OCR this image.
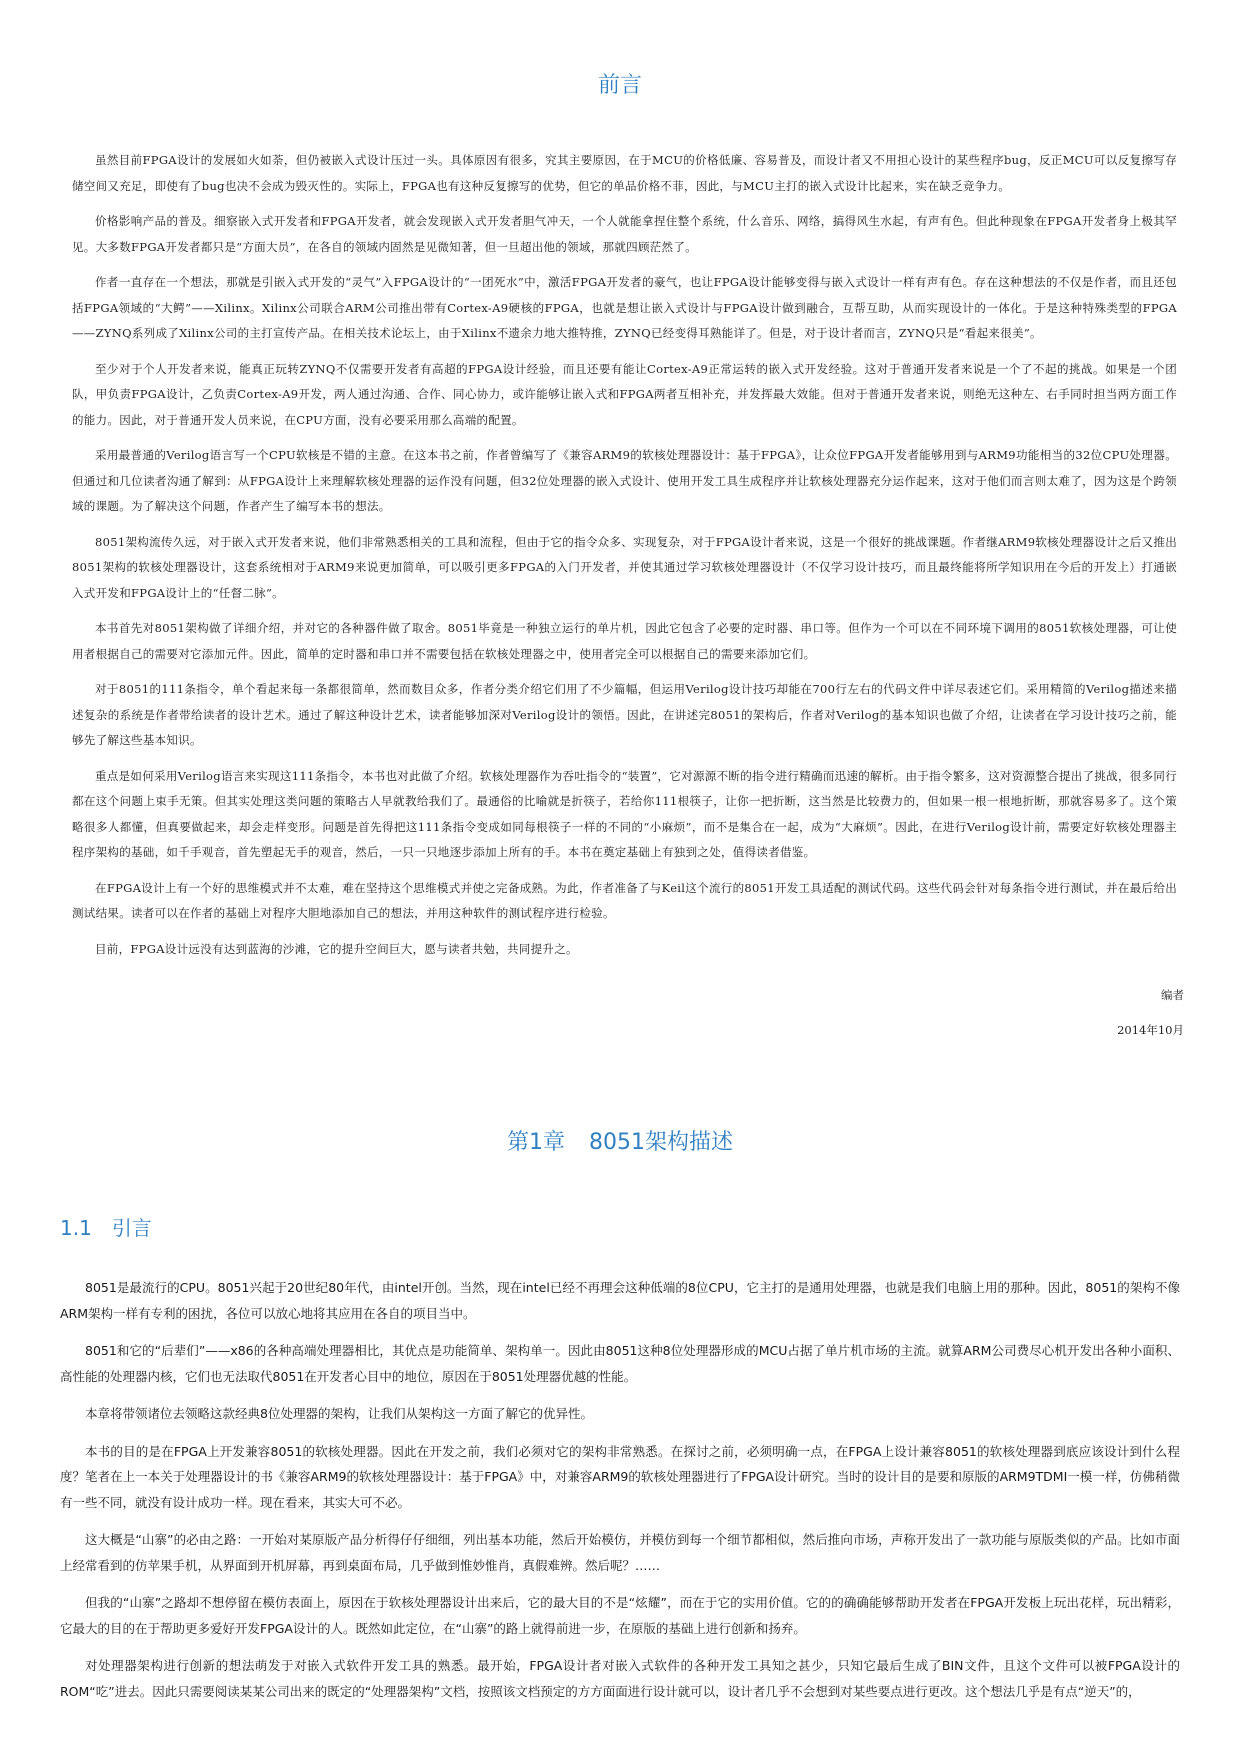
前言

虽然目前FPGA设计的发展如火如荼，但仍被嵌入式设计压过一头。具体原因有很多，究其主要原因，在于MCU的价格低廉、容易普及，而设计者又不用担心设计的某些程序bug，反正MCU可以反复擦写存储空间又充足，即使有了bug也决不会成为毁灭性的。实际上，FPGA也有这种反复擦写的优势，但它的单品价格不菲，因此，与MCU主打的嵌入式设计比起来，实在缺乏竞争力。

价格影响产品的普及。细察嵌入式开发者和FPGA开发者，就会发现嵌入式开发者胆气冲天，一个人就能拿捏住整个系统，什么音乐、网络，搞得风生水起，有声有色。但此种现象在FPGA开发者身上极其罕见。大多数FPGA开发者都只是“方面大员”，在各自的领域内固然是见微知著，但一旦超出他的领域，那就四顾茫然了。

作者一直存在一个想法，那就是引嵌入式开发的“灵气”入FPGA设计的“一团死水”中，激活FPGA开发者的豪气，也让FPGA设计能够变得与嵌入式设计一样有声有色。存在这种想法的不仅是作者，而且还包括FPGA领域的“大鳄”——Xilinx。Xilinx公司联合ARM公司推出带有Cortex-A9硬核的FPGA，也就是想让嵌入式设计与FPGA设计做到融合，互帮互助，从而实现设计的一体化。于是这种特殊类型的FPGA——ZYNQ系列成了Xilinx公司的主打宣传产品。在相关技术论坛上，由于Xilinx不遗余力地大推特推，ZYNQ已经变得耳熟能详了。但是，对于设计者而言，ZYNQ只是“看起来很美”。

至少对于个人开发者来说，能真正玩转ZYNQ不仅需要开发者有高超的FPGA设计经验，而且还要有能让Cortex-A9正常运转的嵌入式开发经验。这对于普通开发者来说是一个了不起的挑战。如果是一个团队，甲负责FPGA设计，乙负责Cortex-A9开发，两人通过沟通、合作、同心协力，或许能够让嵌入式和FPGA两者互相补充，并发挥最大效能。但对于普通开发者来说，则绝无这种左、右手同时担当两方面工作的能力。因此，对于普通开发人员来说，在CPU方面，没有必要采用那么高端的配置。

采用最普通的Verilog语言写一个CPU软核是不错的主意。在这本书之前，作者曾编写了《兼容ARM9的软核处理器设计：基于FPGA》，让众位FPGA开发者能够用到与ARM9功能相当的32位CPU处理器。但通过和几位读者沟通了解到：从FPGA设计上来理解软核处理器的运作没有问题，但32位处理器的嵌入式设计、使用开发工具生成程序并让软核处理器充分运作起来，这对于他们而言则太难了，因为这是个跨领域的课题。为了解决这个问题，作者产生了编写本书的想法。

8051架构流传久远，对于嵌入式开发者来说，他们非常熟悉相关的工具和流程，但由于它的指令众多、实现复杂，对于FPGA设计者来说，这是一个很好的挑战课题。作者继ARM9软核处理器设计之后又推出8051架构的软核处理器设计，这套系统相对于ARM9来说更加简单，可以吸引更多FPGA的入门开发者，并使其通过学习软核处理器设计（不仅学习设计技巧，而且最终能将所学知识用在今后的开发上）打通嵌入式开发和FPGA设计上的“任督二脉”。

本书首先对8051架构做了详细介绍，并对它的各种器件做了取舍。8051毕竟是一种独立运行的单片机，因此它包含了必要的定时器、串口等。但作为一个可以在不同环境下调用的8051软核处理器，可让使用者根据自己的需要对它添加元件。因此，简单的定时器和串口并不需要包括在软核处理器之中，使用者完全可以根据自己的需要来添加它们。

对于8051的111条指令，单个看起来每一条都很简单，然而数目众多，作者分类介绍它们用了不少篇幅，但运用Verilog设计技巧却能在700行左右的代码文件中详尽表述它们。采用精简的Verilog描述来描述复杂的系统是作者带给读者的设计艺术。通过了解这种设计艺术，读者能够加深对Verilog设计的领悟。因此，在讲述完8051的架构后，作者对Verilog的基本知识也做了介绍，让读者在学习设计技巧之前，能够先了解这些基本知识。

重点是如何采用Verilog语言来实现这111条指令，本书也对此做了介绍。软核处理器作为吞吐指令的“装置”，它对源源不断的指令进行精确而迅速的解析。由于指令繁多，这对资源整合提出了挑战，很多同行都在这个问题上束手无策。但其实处理这类问题的策略古人早就教给我们了。最通俗的比喻就是折筷子，若给你111根筷子，让你一把折断，这当然是比较费力的，但如果一根一根地折断，那就容易多了。这个策略很多人都懂，但真要做起来，却会走样变形。问题是首先得把这111条指令变成如同每根筷子一样的不同的“小麻烦”，而不是集合在一起，成为“大麻烦”。因此，在进行Verilog设计前，需要定好软核处理器主程序架构的基础，如千手观音，首先塑起无手的观音，然后，一只一只地逐步添加上所有的手。本书在奠定基础上有独到之处，值得读者借鉴。

在FPGA设计上有一个好的思维模式并不太难，难在坚持这个思维模式并使之完备成熟。为此，作者准备了与Keil这个流行的8051开发工具适配的测试代码。这些代码会针对每条指令进行测试，并在最后给出测试结果。读者可以在作者的基础上对程序大胆地添加自己的想法，并用这种软件的测试程序进行检验。

目前，FPGA设计远没有达到蓝海的沙滩，它的提升空间巨大，愿与读者共勉，共同提升之。

编者

2014年10月

第1章 8051架构描述
1.1 引言

8051是最流行的CPU。8051兴起于20世纪80年代，由intel开创。当然，现在intel已经不再理会这种低端的8位CPU，它主打的是通用处理器，也就是我们电脑上用的那种。因此，8051的架构不像ARM架构一样有专利的困扰，各位可以放心地将其应用在各自的项目当中。

8051和它的“后辈们”——x86的各种高端处理器相比，其优点是功能简单、架构单一。因此由8051这种8位处理器形成的MCU占据了单片机市场的主流。就算ARM公司费尽心机开发出各种小面积、高性能的处理器内核，它们也无法取代8051在开发者心目中的地位，原因在于8051处理器优越的性能。

本章将带领诸位去领略这款经典8位处理器的架构，让我们从架构这一方面了解它的优异性。

本书的目的是在FPGA上开发兼容8051的软核处理器。因此在开发之前，我们必须对它的架构非常熟悉。在探讨之前，必须明确一点，在FPGA上设计兼容8051的软核处理器到底应该设计到什么程度？笔者在上一本关于处理器设计的书《兼容ARM9的软核处理器设计：基于FPGA》中，对兼容ARM9的软核处理器进行了FPGA设计研究。当时的设计目的是要和原版的ARM9TDMI一模一样，仿佛稍微有一些不同，就没有设计成功一样。现在看来，其实大可不必。

这大概是“山寨”的必由之路：一开始对某原版产品分析得仔仔细细，列出基本功能，然后开始模仿，并模仿到每一个细节都相似，然后推向市场，声称开发出了一款功能与原版类似的产品。比如市面上经常看到的仿苹果手机，从界面到开机屏幕，再到桌面布局，几乎做到惟妙惟肖，真假难辨。然后呢？……

但我的“山寨”之路却不想停留在模仿表面上，原因在于软核处理器设计出来后，它的最大目的不是“炫耀”，而在于它的实用价值。它的的确确能够帮助开发者在FPGA开发板上玩出花样，玩出精彩，它最大的目的在于帮助更多爱好开发FPGA设计的人。既然如此定位，在“山寨”的路上就得前进一步，在原版的基础上进行创新和扬弃。

对处理器架构进行创新的想法萌发于对嵌入式软件开发工具的熟悉。最开始，FPGA设计者对嵌入式软件的各种开发工具知之甚少，只知它最后生成了BIN文件，且这个文件可以被FPGA设计的ROM“吃”进去。因此只需要阅读某某公司出来的既定的“处理器架构”文档，按照该文档预定的方方面面进行设计就可以，设计者几乎不会想到对某些要点进行更改。这个想法几乎是有点“逆天”的，
